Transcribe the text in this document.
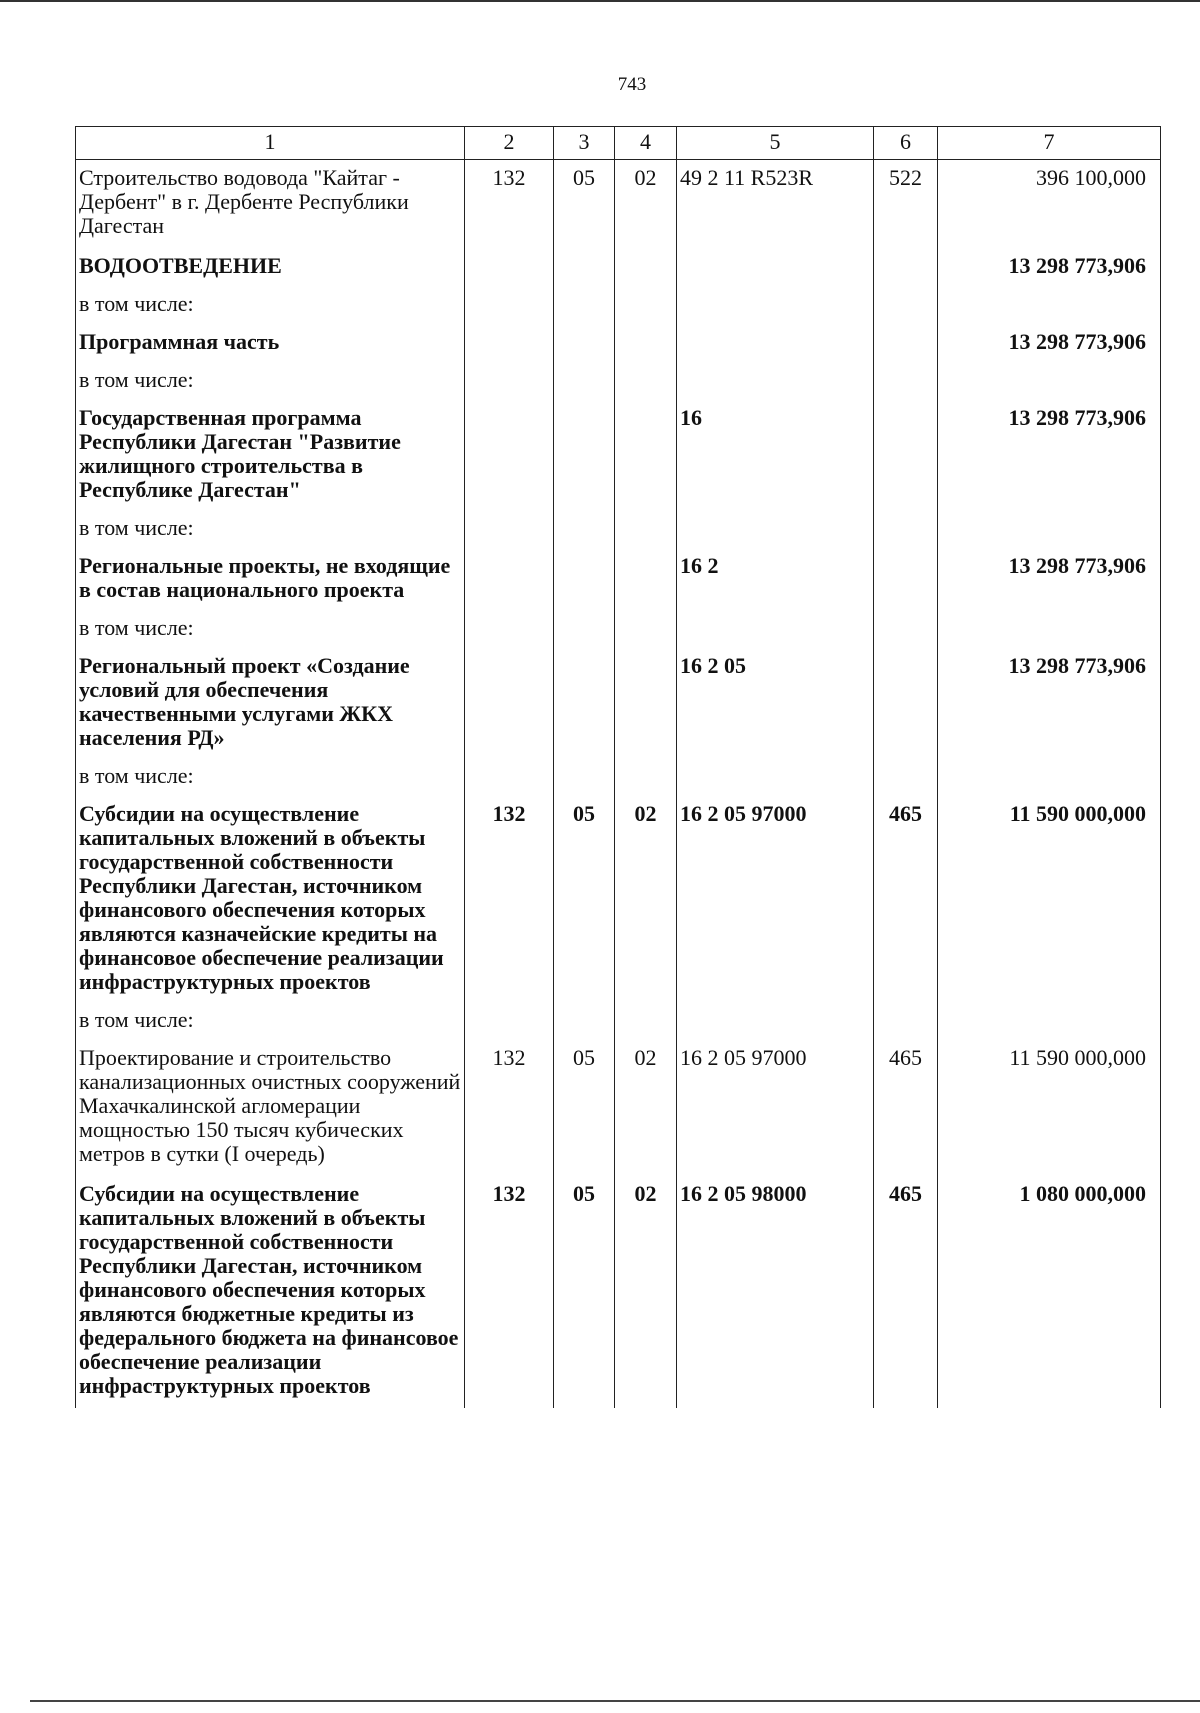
743
1	2	3	4	5	6	7
Строительство водовода "Кайтаг - Дербент" в г. Дербенте Республики Дагестан	132	05	02	49 2 11 R523R	522	396 100,000
ВОДООТВЕДЕНИЕ						13 298 773,906
в том числе:						
Программная часть						13 298 773,906
в том числе:						
Государственная программа Республики Дагестан "Развитие жилищного строительства в Республике Дагестан"				16		13 298 773,906
в том числе:						
Региональные проекты, не входящие в состав национального проекта				16 2		13 298 773,906
в том числе:						
Региональный проект «Создание условий для обеспечения качественными услугами ЖКХ населения РД»				16 2 05		13 298 773,906
в том числе:						
Субсидии на осуществление капитальных вложений в объекты государственной собственности Республики Дагестан, источником финансового обеспечения которых являются казначейские кредиты на финансовое обеспечение реализации инфраструктурных проектов	132	05	02	16 2 05 97000	465	11 590 000,000
в том числе:						
Проектирование и строительство канализационных очистных сооружений Махачкалинской агломерации мощностью 150 тысяч кубических метров в сутки (I очередь)	132	05	02	16 2 05 97000	465	11 590 000,000
Субсидии на осуществление капитальных вложений в объекты государственной собственности Республики Дагестан, источником финансового обеспечения которых являются бюджетные кредиты из федерального бюджета на финансовое обеспечение реализации инфраструктурных проектов	132	05	02	16 2 05 98000	465	1 080 000,000
